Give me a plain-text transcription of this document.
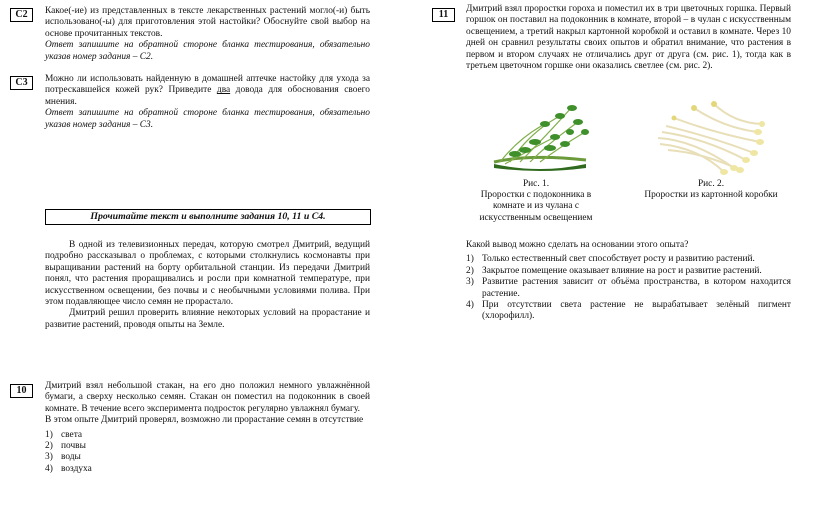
С2	Какое(-ие) из представленных в тексте лекарственных растений могло(-и) быть использовано(-ы) для приготовления этой настойки? Обоснуйте свой выбор на основе прочитанных текстов.

Ответ запишите на обратной стороне бланка тестирования, обязательно указав номер задания – С2.

С3	Можно ли использовать найденную в домашней аптечке настойку для ухода за потрескавшейся кожей рук? Приведите два довода для обоснования своего мнения.

Ответ запишите на обратной стороне бланка тестирования, обязательно указав номер задания – С3.

Прочитайте текст и выполните задания 10, 11 и С4.

В одной из телевизионных передач, которую смотрел Дмитрий, ведущий подробно рассказывал о проблемах, с которыми столкнулись космонавты при выращивании растений на борту орбитальной станции. Из передачи Дмитрий понял, что растения проращивались и росли при комнатной температуре, при искусственном освещении, без почвы и с необычными условиями полива. При этом подавляющее число семян не прорастало.

Дмитрий решил проверить влияние некоторых условий на прорастание и развитие растений, проводя опыты на Земле.

10	Дмитрий взял небольшой стакан, на его дно положил немного увлажнённой бумаги, а сверху несколько семян. Стакан он поместил на подоконник в своей комнате. В течение всего эксперимента подросток регулярно увлажнял бумагу.

В этом опыте Дмитрий проверял, возможно ли прорастание семян в отсутствие

1) света
2) почвы
3) воды
4) воздуха
11	Дмитрий взял проростки гороха и поместил их в три цветочных горшка. Первый горшок он поставил на подоконник в комнате, второй – в чулан с искусственным освещением, а третий накрыл картонной коробкой и оставил в комнате. Через 10 дней он сравнил результаты своих опытов и обратил внимание, что растения в первом и втором случаях не отличались друг от друга (см. рис. 1), тогда как в третьем цветочном горшке они оказались светлее (см. рис. 2).

Рис. 1.

Проростки с подоконника в комнате и из чулана с искусственным освещением

Рис. 2.

Проростки из картонной коробки

Какой вывод можно сделать на основании этого опыта?

1) Только естественный свет способствует росту и развитию растений.
2) Закрытое помещение оказывает влияние на рост и развитие растений.
3) Развитие растения зависит от объёма пространства, в котором находится растение.
4) При отсутствии света растение не вырабатывает зелёный пигмент (хлорофилл).
